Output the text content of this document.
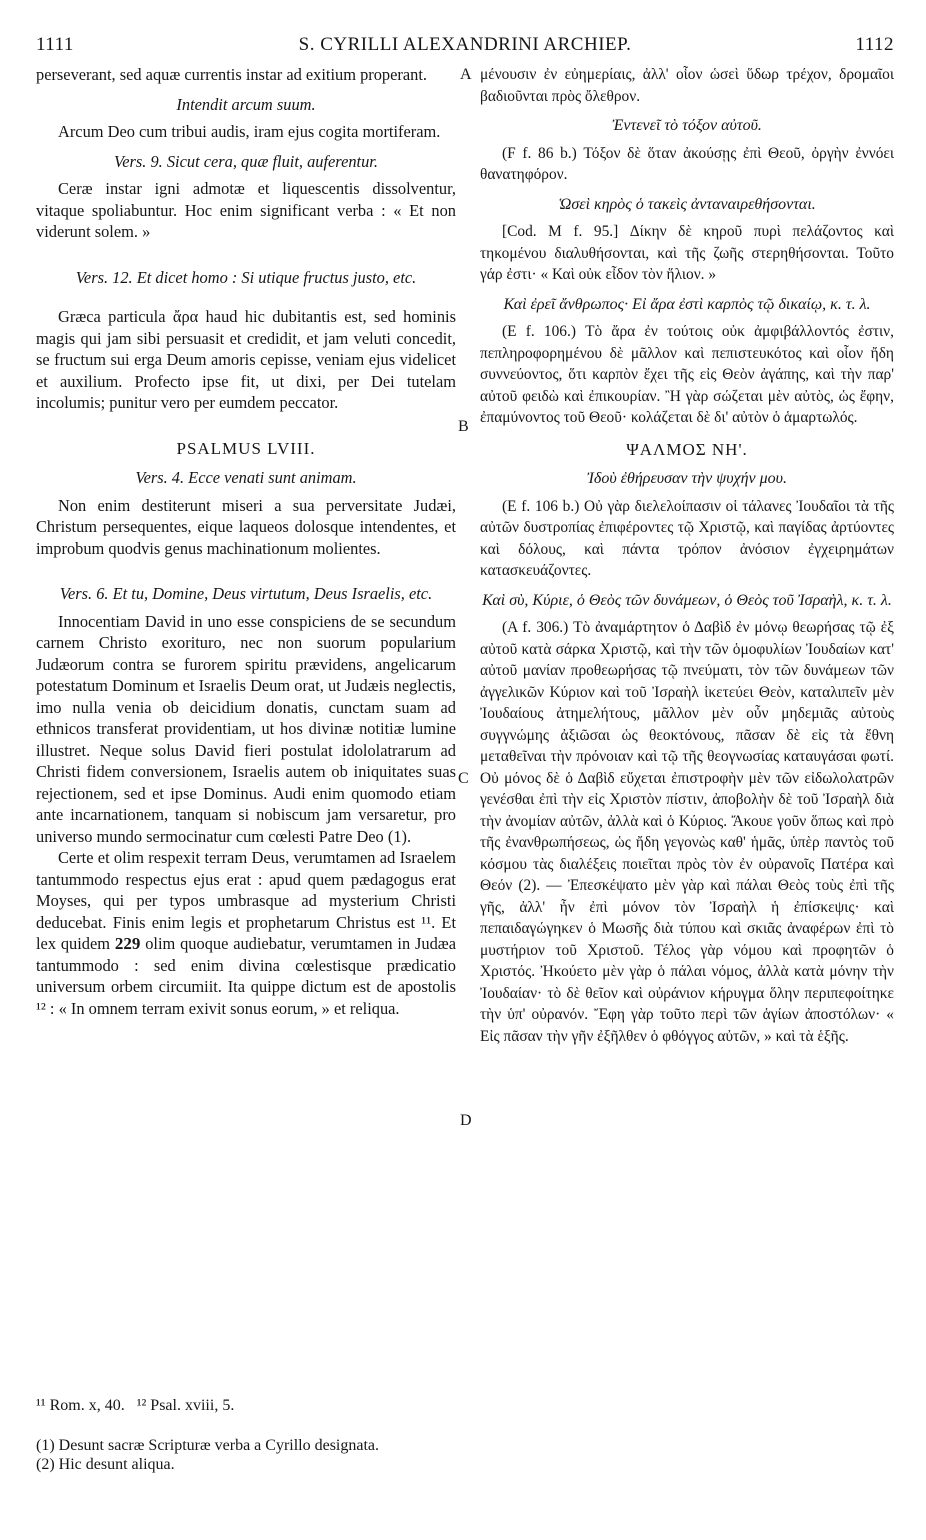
1111	S. CYRILLI ALEXANDRINI ARCHIEP.	1112
A
B
C
D

perseverant, sed aquæ currentis instar ad exitium properant.

Intendit arcum suum.

Arcum Deo cum tribui audis, iram ejus cogita mortiferam.

Vers. 9. Sicut cera, quæ fluit, auferentur.

Ceræ instar igni admotæ et liquescentis dissolventur, vitaque spoliabuntur. Hoc enim significant verba : « Et non viderunt solem. »

Vers. 12. Et dicet homo : Si utique fructus justo, etc.

Græca particula ἄρα haud hic dubitantis est, sed hominis magis qui jam sibi persuasit et credidit, et jam veluti concedit, se fructum sui erga Deum amoris cepisse, veniam ejus videlicet et auxilium. Profecto ipse fit, ut dixi, per Dei tutelam incolumis; punitur vero per eumdem peccator.

PSALMUS LVIII.

Vers. 4. Ecce venati sunt animam.

Non enim destiterunt miseri a sua perversitate Judæi, Christum persequentes, eique laqueos dolosque intendentes, et improbum quodvis genus machinationum molientes.

Vers. 6. Et tu, Domine, Deus virtutum, Deus Israelis, etc.

Innocentiam David in uno esse conspiciens de se secundum carnem Christo exorituro, nec non suorum popularium Judæorum contra se furorem spiritu prævidens, angelicarum potestatum Dominum et Israelis Deum orat, ut Judæis neglectis, imo nulla venia ob deicidium donatis, cunctam suam ad ethnicos transferat providentiam, ut hos divinæ notitiæ lumine illustret. Neque solus David fieri postulat idololatrarum ad Christi fidem conversionem, Israelis autem ob iniquitates suas rejectionem, sed et ipse Dominus. Audi enim quomodo etiam ante incarnationem, tanquam si nobiscum jam versaretur, pro universo mundo sermocinatur cum cœlesti Patre Deo (1).

Certe et olim respexit terram Deus, verumtamen ad Israelem tantummodo respectus ejus erat : apud quem pædagogus erat Moyses, qui per typos umbrasque ad mysterium Christi deducebat. Finis enim legis et prophetarum Christus est ¹¹. Et lex quidem 229 olim quoque audiebatur, verumtamen in Judæa tantummodo : sed enim divina cœlestisque prædicatio universum orbem circumiit. Ita quippe dictum est de apostolis ¹² : « In omnem terram exivit sonus eorum, » et reliqua.

μένουσιν ἐν εὐημερίαις, ἀλλ' οἷον ὡσεὶ ὕδωρ τρέχον, δρομαῖοι βαδιοῦνται πρὸς ὄλεθρον.

Ἐντενεῖ τὸ τόξον αὐτοῦ.

(F f. 86 b.) Τόξον δὲ ὅταν ἀκούσῃς ἐπὶ Θεοῦ, ὀργὴν ἐννόει θανατηφόρον.

Ὡσεὶ κηρὸς ὁ τακεὶς ἀνταναιρεθήσονται.

[Cod. M f. 95.] Δίκην δὲ κηροῦ πυρὶ πελάζοντος καὶ τηκομένου διαλυθήσονται, καὶ τῆς ζωῆς στερηθήσονται. Τοῦτο γάρ ἐστι· « Καὶ οὐκ εἶδον τὸν ἥλιον. »

Καὶ ἐρεῖ ἄνθρωπος· Εἰ ἄρα ἐστὶ καρπὸς τῷ δικαίῳ, κ. τ. λ.

(E f. 106.) Τὸ ἄρα ἐν τούτοις οὐκ ἀμφιβάλλοντός ἐστιν, πεπληροφορημένου δὲ μᾶλλον καὶ πεπιστευκότος καὶ οἷον ἤδη συννεύοντος, ὅτι καρπὸν ἔχει τῆς εἰς Θεὸν ἀγάπης, καὶ τὴν παρ' αὐτοῦ φειδὼ καὶ ἐπικουρίαν. Ἢ γὰρ σώζεται μὲν αὐτὸς, ὡς ἔφην, ἐπαμύνοντος τοῦ Θεοῦ· κολάζεται δὲ δι' αὐτὸν ὁ ἁμαρτωλός.

ΨΑΛΜΟΣ ΝΗ'.

Ἰδοὺ ἐθήρευσαν τὴν ψυχήν μου.

(E f. 106 b.) Οὐ γὰρ διελελοίπασιν οἱ τάλανες Ἰουδαῖοι τὰ τῆς αὐτῶν δυστροπίας ἐπιφέροντες τῷ Χριστῷ, καὶ παγίδας ἀρτύοντες καὶ δόλους, καὶ πάντα τρόπον ἀνόσιον ἐγχειρημάτων κατασκευάζοντες.

Καὶ σὺ, Κύριε, ὁ Θεὸς τῶν δυνάμεων, ὁ Θεὸς τοῦ Ἰσραὴλ, κ. τ. λ.

(A f. 306.) Τὸ ἀναμάρτητον ὁ Δαβὶδ ἐν μόνῳ θεωρήσας τῷ ἐξ αὐτοῦ κατὰ σάρκα Χριστῷ, καὶ τὴν τῶν ὁμοφυλίων Ἰουδαίων κατ' αὐτοῦ μανίαν προθεωρήσας τῷ πνεύματι, τὸν τῶν δυνάμεων τῶν ἀγγελικῶν Κύριον καὶ τοῦ Ἰσραὴλ ἱκετεύει Θεὸν, καταλιπεῖν μὲν Ἰουδαίους ἀτημελήτους, μᾶλλον μὲν οὖν μηδεμιᾶς αὐτοὺς συγγνώμης ἀξιῶσαι ὡς θεοκτόνους, πᾶσαν δὲ εἰς τὰ ἔθνη μεταθεῖναι τὴν πρόνοιαν καὶ τῷ τῆς θεογνωσίας καταυγάσαι φωτί. Οὐ μόνος δὲ ὁ Δαβὶδ εὔχεται ἐπιστροφὴν μὲν τῶν εἰδωλολατρῶν γενέσθαι ἐπὶ τὴν εἰς Χριστὸν πίστιν, ἀποβολὴν δὲ τοῦ Ἰσραὴλ διὰ τὴν ἀνομίαν αὐτῶν, ἀλλὰ καὶ ὁ Κύριος. Ἄκουε γοῦν ὅπως καὶ πρὸ τῆς ἐνανθρωπήσεως, ὡς ἤδη γεγονὼς καθ' ἡμᾶς, ὑπὲρ παντὸς τοῦ κόσμου τὰς διαλέξεις ποιεῖται πρὸς τὸν ἐν οὐρανοῖς Πατέρα καὶ Θεόν (2). — Ἐπεσκέψατο μὲν γὰρ καὶ πάλαι Θεὸς τοὺς ἐπὶ τῆς γῆς, ἀλλ' ἦν ἐπὶ μόνον τὸν Ἰσραὴλ ἡ ἐπίσκεψις· καὶ πεπαιδαγώγηκεν ὁ Μωσῆς διὰ τύπου καὶ σκιᾶς ἀναφέρων ἐπὶ τὸ μυστήριον τοῦ Χριστοῦ. Τέλος γὰρ νόμου καὶ προφητῶν ὁ Χριστός. Ἠκούετο μὲν γὰρ ὁ πάλαι νόμος, ἀλλὰ κατὰ μόνην τὴν Ἰουδαίαν· τὸ δὲ θεῖον καὶ οὐράνιον κήρυγμα ὅλην περιπεφοίτηκε τὴν ὑπ' οὐρανόν. Ἔφη γὰρ τοῦτο περὶ τῶν ἁγίων ἀποστόλων· « Εἰς πᾶσαν τὴν γῆν ἐξῆλθεν ὁ φθόγγος αὐτῶν, » καὶ τὰ ἑξῆς.

¹¹ Rom. x, 40.   ¹² Psal. xviii, 5.

(1) Desunt sacræ Scripturæ verba a Cyrillo designata.

(2) Hic desunt aliqua.
